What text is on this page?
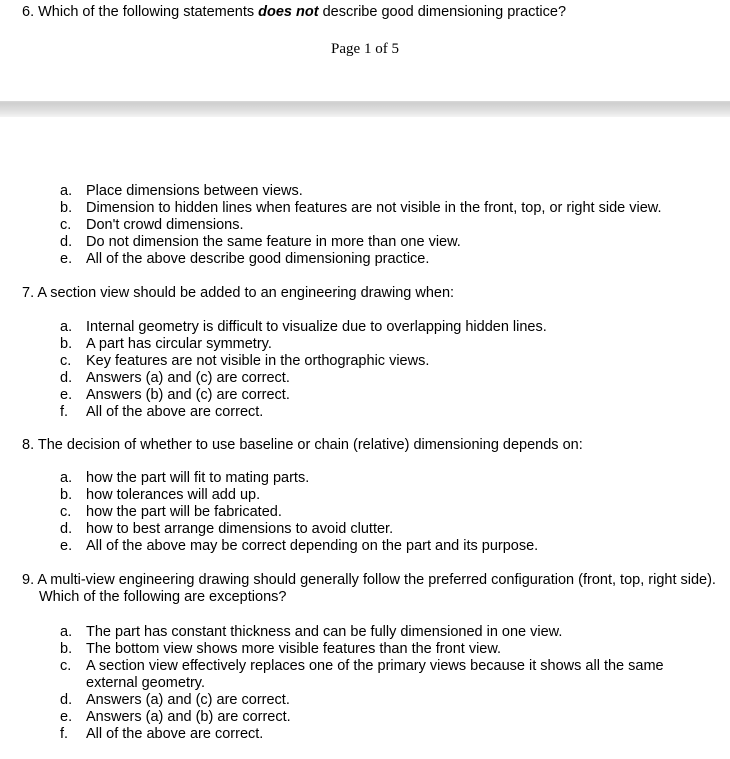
6. Which of the following statements does not describe good dimensioning practice?
Page 1 of 5
a. Place dimensions between views.
b. Dimension to hidden lines when features are not visible in the front, top, or right side view.
c. Don't crowd dimensions.
d. Do not dimension the same feature in more than one view.
e. All of the above describe good dimensioning practice.
7. A section view should be added to an engineering drawing when:
a. Internal geometry is difficult to visualize due to overlapping hidden lines.
b. A part has circular symmetry.
c. Key features are not visible in the orthographic views.
d. Answers (a) and (c) are correct.
e. Answers (b) and (c) are correct.
f. All of the above are correct.
8. The decision of whether to use baseline or chain (relative) dimensioning depends on:
a. how the part will fit to mating parts.
b. how tolerances will add up.
c. how the part will be fabricated.
d. how to best arrange dimensions to avoid clutter.
e. All of the above may be correct depending on the part and its purpose.
9. A multi-view engineering drawing should generally follow the preferred configuration (front, top, right side). Which of the following are exceptions?
a. The part has constant thickness and can be fully dimensioned in one view.
b. The bottom view shows more visible features than the front view.
c. A section view effectively replaces one of the primary views because it shows all the same external geometry.
d. Answers (a) and (c) are correct.
e. Answers (a) and (b) are correct.
f. All of the above are correct.
